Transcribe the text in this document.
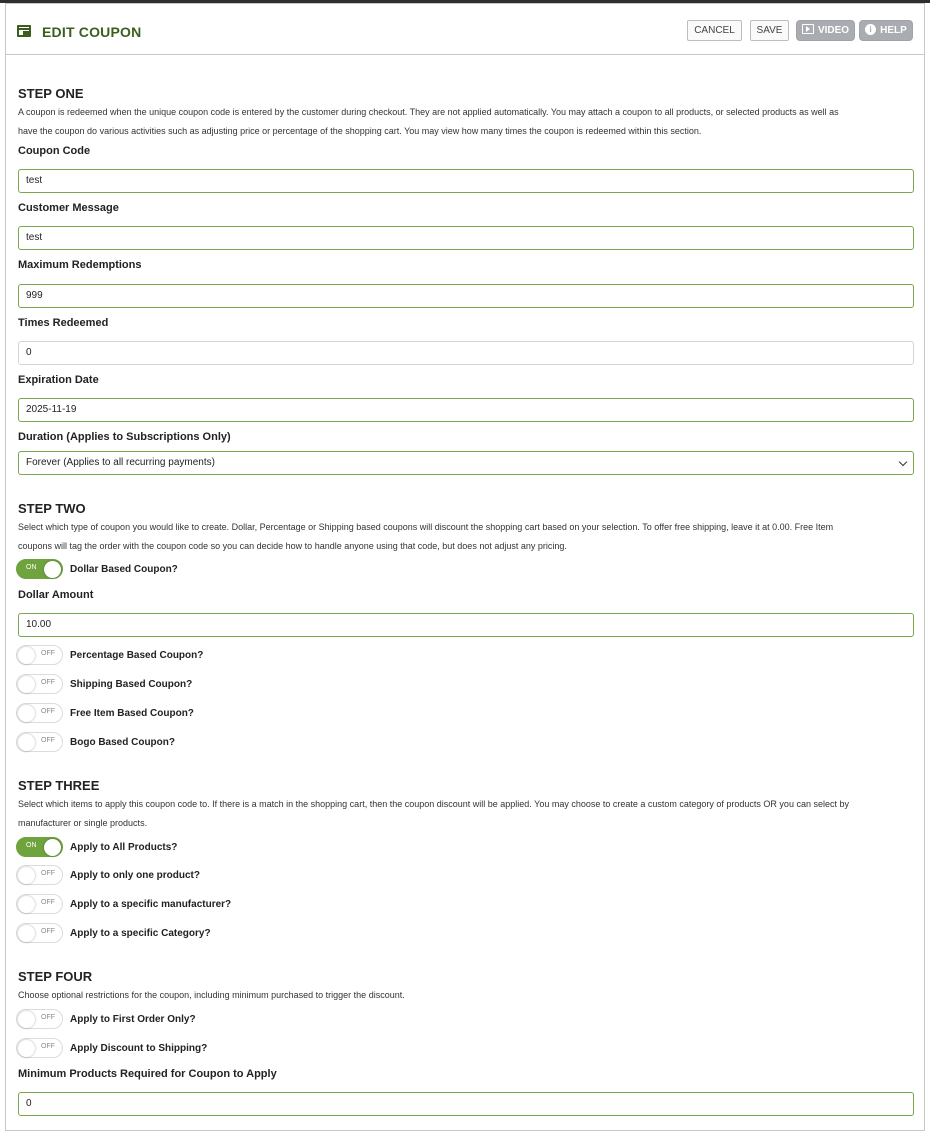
EDIT COUPON	CANCEL	SAVE	VIDEO	i HELP
STEP ONE
A coupon is redeemed when the unique coupon code is entered by the customer during checkout. They are not applied automatically. You may attach a coupon to all products, or selected products as well as
have the coupon do various activities such as adjusting price or percentage of the shopping cart. You may view how many times the coupon is redeemed within this section.
Coupon Code
test
Customer Message
test
Maximum Redemptions
999
Times Redeemed
0
Expiration Date
2025-11-19
Duration (Applies to Subscriptions Only)
Forever (Applies to all recurring payments)
STEP TWO
Select which type of coupon you would like to create. Dollar, Percentage or Shipping based coupons will discount the shopping cart based on your selection. To offer free shipping, leave it at 0.00. Free Item
coupons will tag the order with the coupon code so you can decide how to handle anyone using that code, but does not adjust any pricing.
ON	Dollar Based Coupon?
Dollar Amount
10.00
OFF Percentage Based Coupon?
OFF Shipping Based Coupon?
OFF Free Item Based Coupon?
OFF Bogo Based Coupon?
STEP THREE
Select which items to apply this coupon code to. If there is a match in the shopping cart, then the coupon discount will be applied. You may choose to create a custom category of products OR you can select by
manufacturer or single products.
ON	Apply to All Products?
OFF Apply to only one product?
OFF Apply to a specific manufacturer?
OFF Apply to a specific Category?
STEP FOUR
Choose optional restrictions for the coupon, including minimum purchased to trigger the discount.
OFF Apply to First Order Only?
OFF Apply Discount to Shipping?
Minimum Products Required for Coupon to Apply
0
